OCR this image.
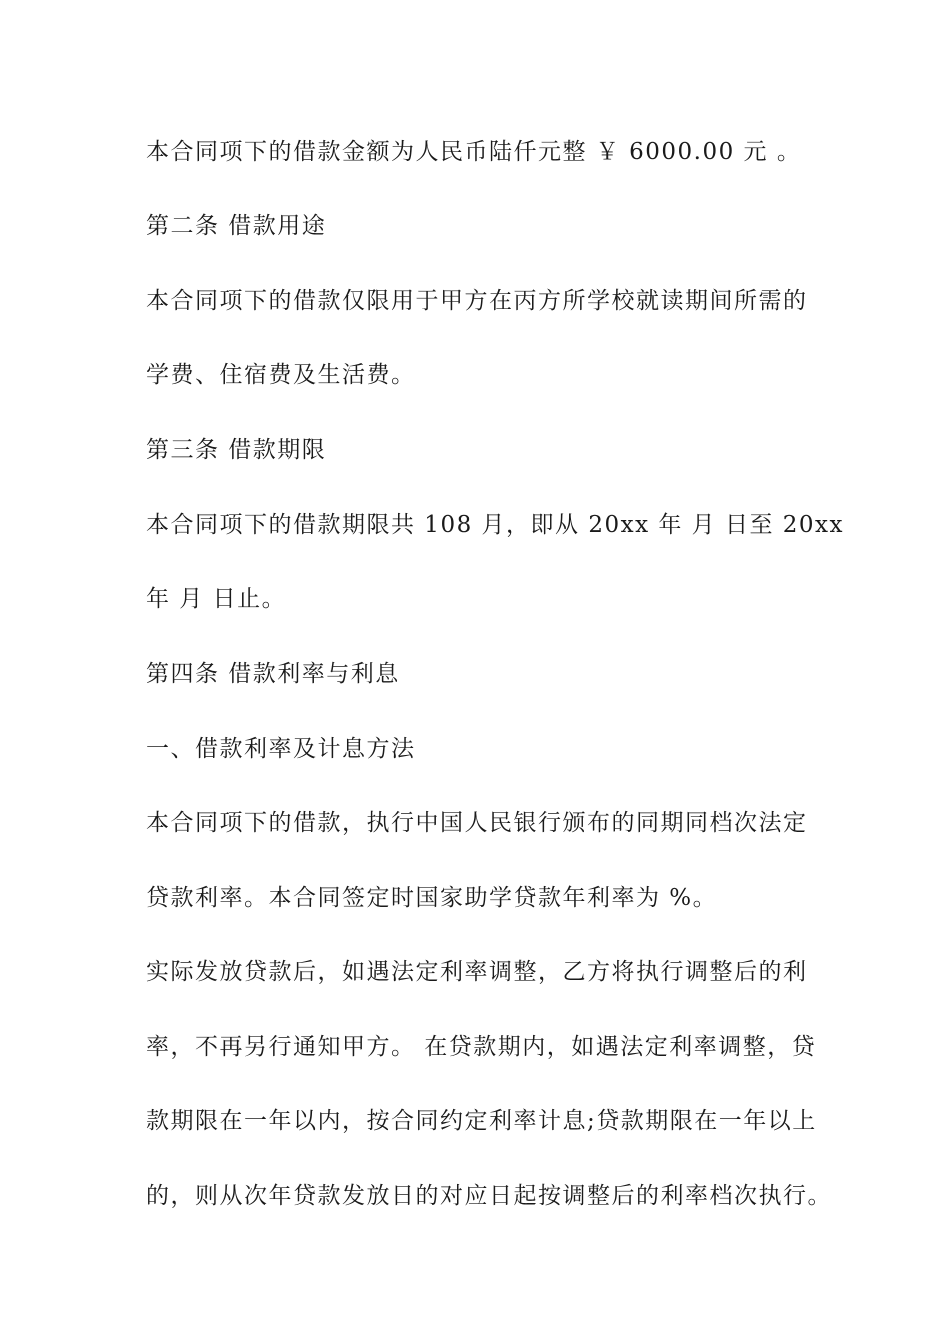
本合同项下的借款金额为人民币陆仟元整 ￥ 6000.00 元 。
第二条 借款用途
本合同项下的借款仅限用于甲方在丙方所学校就读期间所需的
学费、住宿费及生活费。
第三条 借款期限
本合同项下的借款期限共 108 月，即从 20xx 年 月 日至 20xx
年 月 日止。
第四条 借款利率与利息
一、借款利率及计息方法
本合同项下的借款，执行中国人民银行颁布的同期同档次法定
贷款利率。本合同签定时国家助学贷款年利率为 %。
实际发放贷款后，如遇法定利率调整，乙方将执行调整后的利
率，不再另行通知甲方。 在贷款期内，如遇法定利率调整，贷
款期限在一年以内，按合同约定利率计息;贷款期限在一年以上
的，则从次年贷款发放日的对应日起按调整后的利率档次执行。
